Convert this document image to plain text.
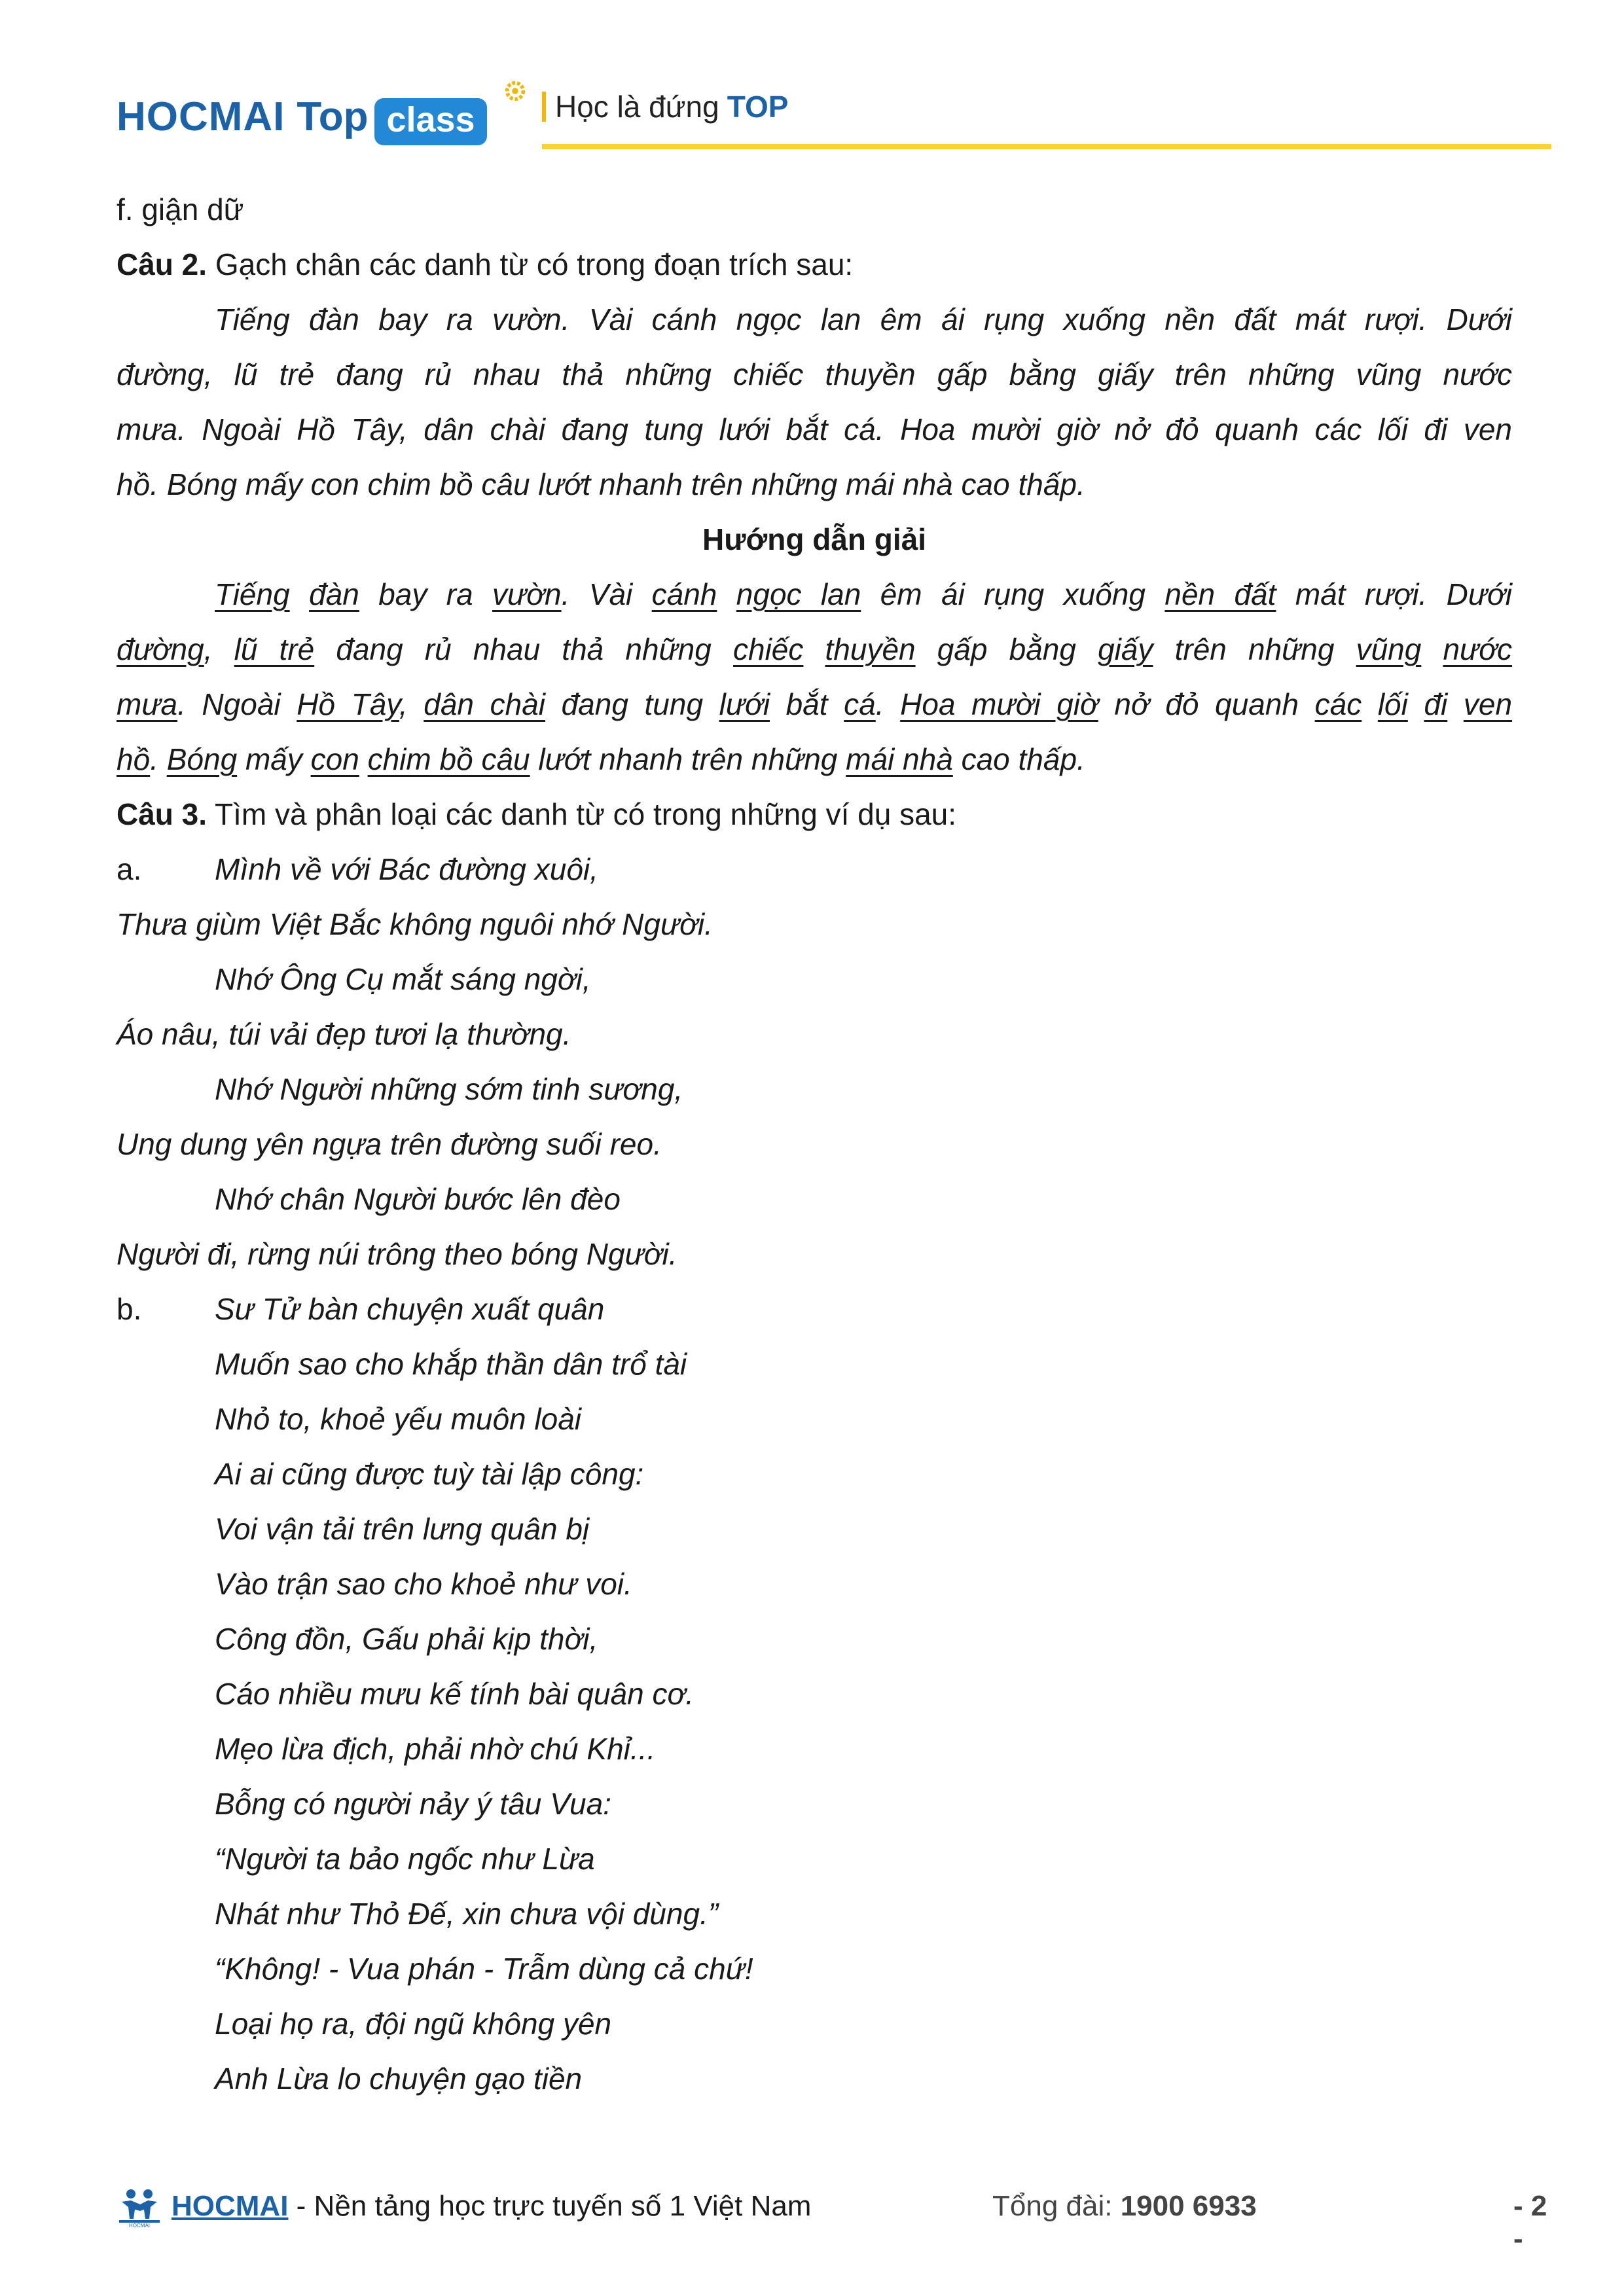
HOCMAI Top class	Học là đứng TOP
f. giận dữ
Câu 2. Gạch chân các danh từ có trong đoạn trích sau:
Tiếng đàn bay ra vườn. Vài cánh ngọc lan êm ái rụng xuống nền đất mát rượi. Dưới
đường, lũ trẻ đang rủ nhau thả những chiếc thuyền gấp bằng giấy trên những vũng nước
mưa. Ngoài Hồ Tây, dân chài đang tung lưới bắt cá. Hoa mười giờ nở đỏ quanh các lối đi ven
hồ. Bóng mấy con chim bồ câu lướt nhanh trên những mái nhà cao thấp.
Hướng dẫn giải
Tiếng đàn bay ra vườn. Vài cánh ngọc lan êm ái rụng xuống nền đất mát rượi. Dưới
đường, lũ trẻ đang rủ nhau thả những chiếc thuyền gấp bằng giấy trên những vũng nước
mưa. Ngoài Hồ Tây, dân chài đang tung lưới bắt cá. Hoa mười giờ nở đỏ quanh các lối đi ven
hồ. Bóng mấy con chim bồ câu lướt nhanh trên những mái nhà cao thấp.
Câu 3. Tìm và phân loại các danh từ có trong những ví dụ sau:
a. Mình về với Bác đường xuôi,
Thưa giùm Việt Bắc không nguôi nhớ Người.
Nhớ Ông Cụ mắt sáng ngời,
Áo nâu, túi vải đẹp tươi lạ thường.
Nhớ Người những sớm tinh sương,
Ung dung yên ngựa trên đường suối reo.
Nhớ chân Người bước lên đèo
Người đi, rừng núi trông theo bóng Người.
b. Sư Tử bàn chuyện xuất quân
Muốn sao cho khắp thần dân trổ tài
Nhỏ to, khoẻ yếu muôn loài
Ai ai cũng được tuỳ tài lập công:
Voi vận tải trên lưng quân bị
Vào trận sao cho khoẻ như voi.
Công đồn, Gấu phải kịp thời,
Cáo nhiều mưu kế tính bài quân cơ.
Mẹo lừa địch, phải nhờ chú Khỉ...
Bỗng có người nảy ý tâu Vua:
“Người ta bảo ngốc như Lừa
Nhát như Thỏ Đế, xin chưa vội dùng.”
“Không! - Vua phán - Trẫm dùng cả chứ!
Loại họ ra, đội ngũ không yên
Anh Lừa lo chuyện gạo tiền
HOCMAI
HOCMAI - Nền tảng học trực tuyến số 1 Việt Nam	Tổng đài: 1900 6933	- 2 -
